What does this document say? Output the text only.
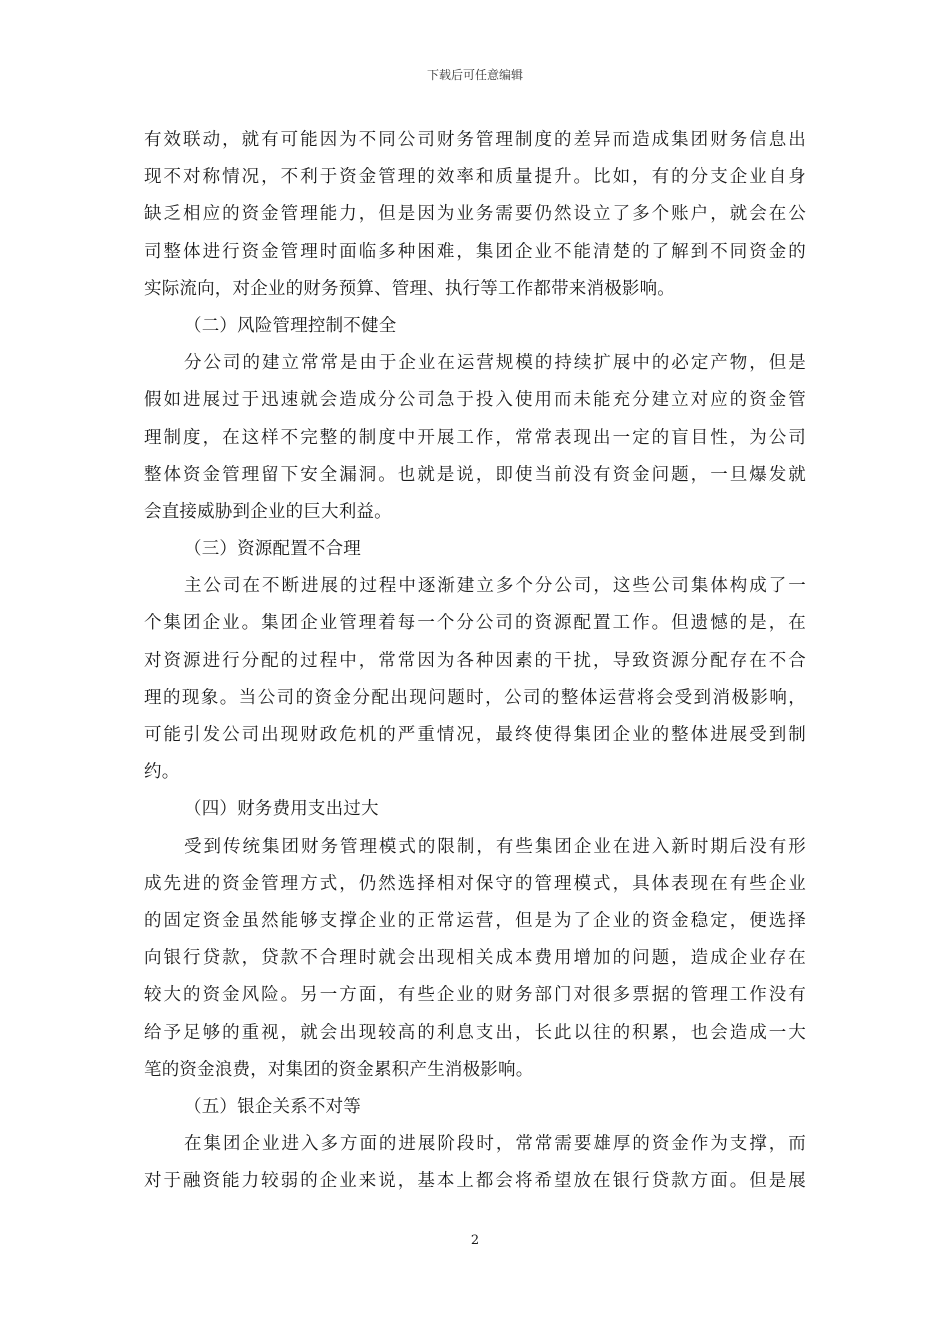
下载后可任意编辑
有效联动，就有可能因为不同公司财务管理制度的差异而造成集团财务信息出
现不对称情况，不利于资金管理的效率和质量提升。比如，有的分支企业自身
缺乏相应的资金管理能力，但是因为业务需要仍然设立了多个账户，就会在公
司整体进行资金管理时面临多种困难，集团企业不能清楚的了解到不同资金的
实际流向，对企业的财务预算、管理、执行等工作都带来消极影响。
（二）风险管理控制不健全
分公司的建立常常是由于企业在运营规模的持续扩展中的必定产物，但是
假如进展过于迅速就会造成分公司急于投入使用而未能充分建立对应的资金管
理制度，在这样不完整的制度中开展工作，常常表现出一定的盲目性，为公司
整体资金管理留下安全漏洞。也就是说，即使当前没有资金问题，一旦爆发就
会直接威胁到企业的巨大利益。
（三）资源配置不合理
主公司在不断进展的过程中逐渐建立多个分公司，这些公司集体构成了一
个集团企业。集团企业管理着每一个分公司的资源配置工作。但遗憾的是，在
对资源进行分配的过程中，常常因为各种因素的干扰，导致资源分配存在不合
理的现象。当公司的资金分配出现问题时，公司的整体运营将会受到消极影响，
可能引发公司出现财政危机的严重情况，最终使得集团企业的整体进展受到制
约。
（四）财务费用支出过大
受到传统集团财务管理模式的限制，有些集团企业在进入新时期后没有形
成先进的资金管理方式，仍然选择相对保守的管理模式，具体表现在有些企业
的固定资金虽然能够支撑企业的正常运营，但是为了企业的资金稳定，便选择
向银行贷款，贷款不合理时就会出现相关成本费用增加的问题，造成企业存在
较大的资金风险。另一方面，有些企业的财务部门对很多票据的管理工作没有
给予足够的重视，就会出现较高的利息支出，长此以往的积累，也会造成一大
笔的资金浪费，对集团的资金累积产生消极影响。
（五）银企关系不对等
在集团企业进入多方面的进展阶段时，常常需要雄厚的资金作为支撑，而
对于融资能力较弱的企业来说，基本上都会将希望放在银行贷款方面。但是展
2
